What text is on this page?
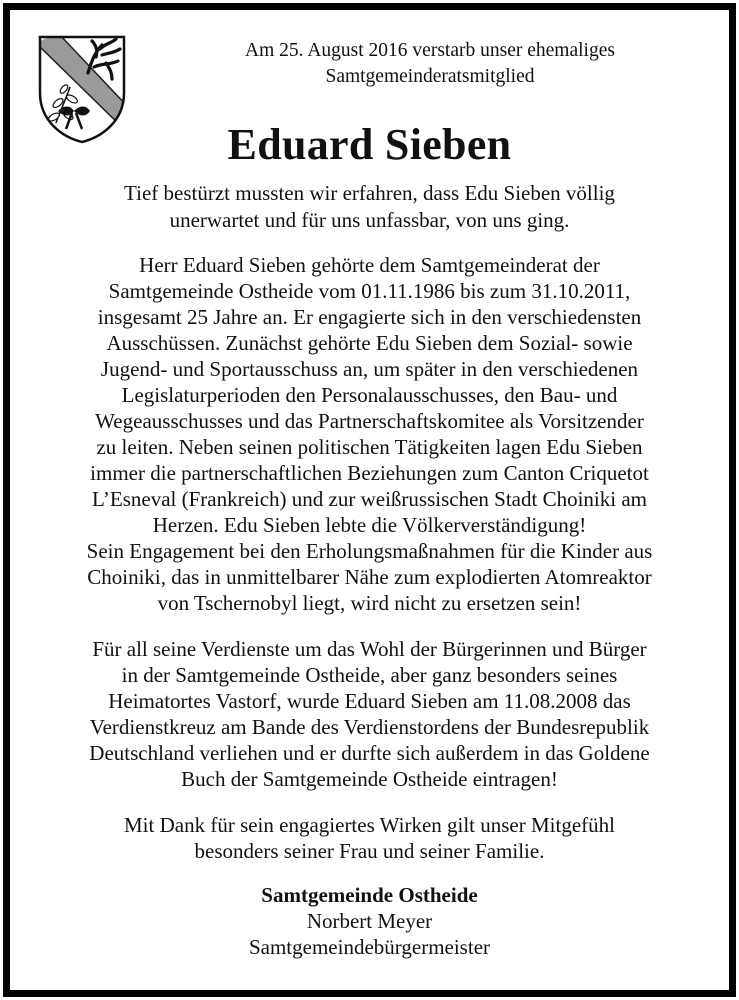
Am 25. August 2016 verstarb unser ehemaliges
Samtgemeinderatsmitglied
Eduard Sieben
Tief bestürzt mussten wir erfahren, dass Edu Sieben völlig
unerwartet und für uns unfassbar, von uns ging.
Herr Eduard Sieben gehörte dem Samtgemeinderat der
Samtgemeinde Ostheide vom 01.11.1986 bis zum 31.10.2011,
insgesamt 25 Jahre an. Er engagierte sich in den verschiedensten
Ausschüssen. Zunächst gehörte Edu Sieben dem Sozial- sowie
Jugend- und Sportausschuss an, um später in den verschiedenen
Legislaturperioden den Personalausschusses, den Bau- und
Wegeausschusses und das Partnerschaftskomitee als Vorsitzender
zu leiten. Neben seinen politischen Tätigkeiten lagen Edu Sieben
immer die partnerschaftlichen Beziehungen zum Canton Criquetot
L’Esneval (Frankreich) und zur weißrussischen Stadt Choiniki am
Herzen. Edu Sieben lebte die Völkerverständigung!
Sein Engagement bei den Erholungsmaßnahmen für die Kinder aus
Choiniki, das in unmittelbarer Nähe zum explodierten Atomreaktor
von Tschernobyl liegt, wird nicht zu ersetzen sein!
Für all seine Verdienste um das Wohl der Bürgerinnen und Bürger
in der Samtgemeinde Ostheide, aber ganz besonders seines
Heimatortes Vastorf, wurde Eduard Sieben am 11.08.2008 das
Verdienstkreuz am Bande des Verdienstordens der Bundesrepublik
Deutschland verliehen und er durfte sich außerdem in das Goldene
Buch der Samtgemeinde Ostheide eintragen!
Mit Dank für sein engagiertes Wirken gilt unser Mitgefühl
besonders seiner Frau und seiner Familie.
Samtgemeinde Ostheide
Norbert Meyer
Samtgemeindebürgermeister
